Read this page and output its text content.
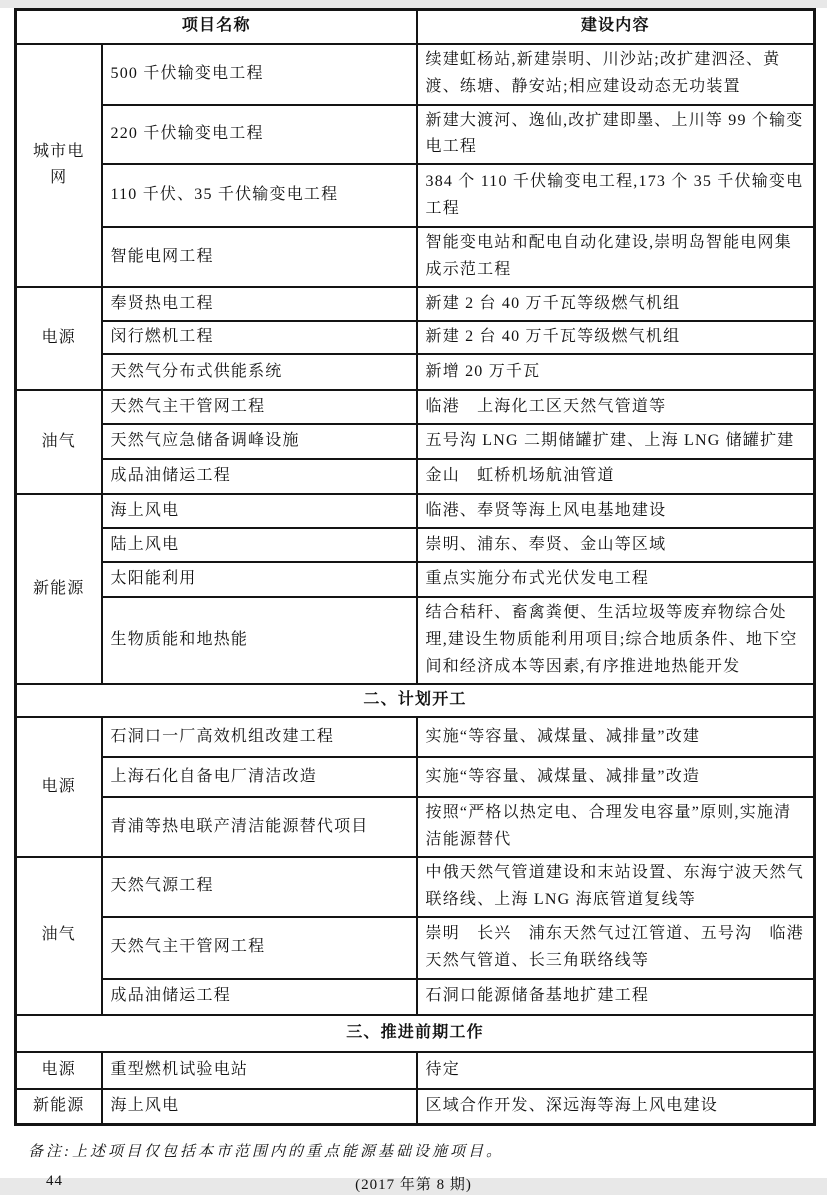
项目名称		建设内容
城市电网	500 千伏输变电工程	续建虹杨站,新建崇明、川沙站;改扩建泗泾、黄渡、练塘、静安站;相应建设动态无功装置
	220 千伏输变电工程	新建大渡河、逸仙,改扩建即墨、上川等 99 个输变电工程
	110 千伏、35 千伏输变电工程	384 个 110 千伏输变电工程,173 个 35 千伏输变电工程
	智能电网工程	智能变电站和配电自动化建设,崇明岛智能电网集成示范工程
电源	奉贤热电工程	新建 2 台 40 万千瓦等级燃气机组
	闵行燃机工程	新建 2 台 40 万千瓦等级燃气机组
	天然气分布式供能系统	新增 20 万千瓦
油气	天然气主干管网工程	临港　上海化工区天然气管道等
	天然气应急储备调峰设施	五号沟 LNG 二期储罐扩建、上海 LNG 储罐扩建
	成品油储运工程	金山　虹桥机场航油管道
新能源	海上风电	临港、奉贤等海上风电基地建设
	陆上风电	崇明、浦东、奉贤、金山等区域
	太阳能利用	重点实施分布式光伏发电工程
	生物质能和地热能	结合秸秆、畜禽粪便、生活垃圾等废弃物综合处理,建设生物质能利用项目;综合地质条件、地下空间和经济成本等因素,有序推进地热能开发
二、计划开工		
电源	石洞口一厂高效机组改建工程	实施“等容量、减煤量、减排量”改建
	上海石化自备电厂清洁改造	实施“等容量、减煤量、减排量”改造
	青浦等热电联产清洁能源替代项目	按照“严格以热定电、合理发电容量”原则,实施清洁能源替代
油气	天然气源工程	中俄天然气管道建设和末站设置、东海宁波天然气联络线、上海 LNG 海底管道复线等
	天然气主干管网工程	崇明　长兴　浦东天然气过江管道、五号沟　临港天然气管道、长三角联络线等
	成品油储运工程	石洞口能源储备基地扩建工程
三、推进前期工作		
电源	重型燃机试验电站	待定
新能源	海上风电	区域合作开发、深远海等海上风电建设
备注:上述项目仅包括本市范围内的重点能源基础设施项目。
44	(2017 年第 8 期)
